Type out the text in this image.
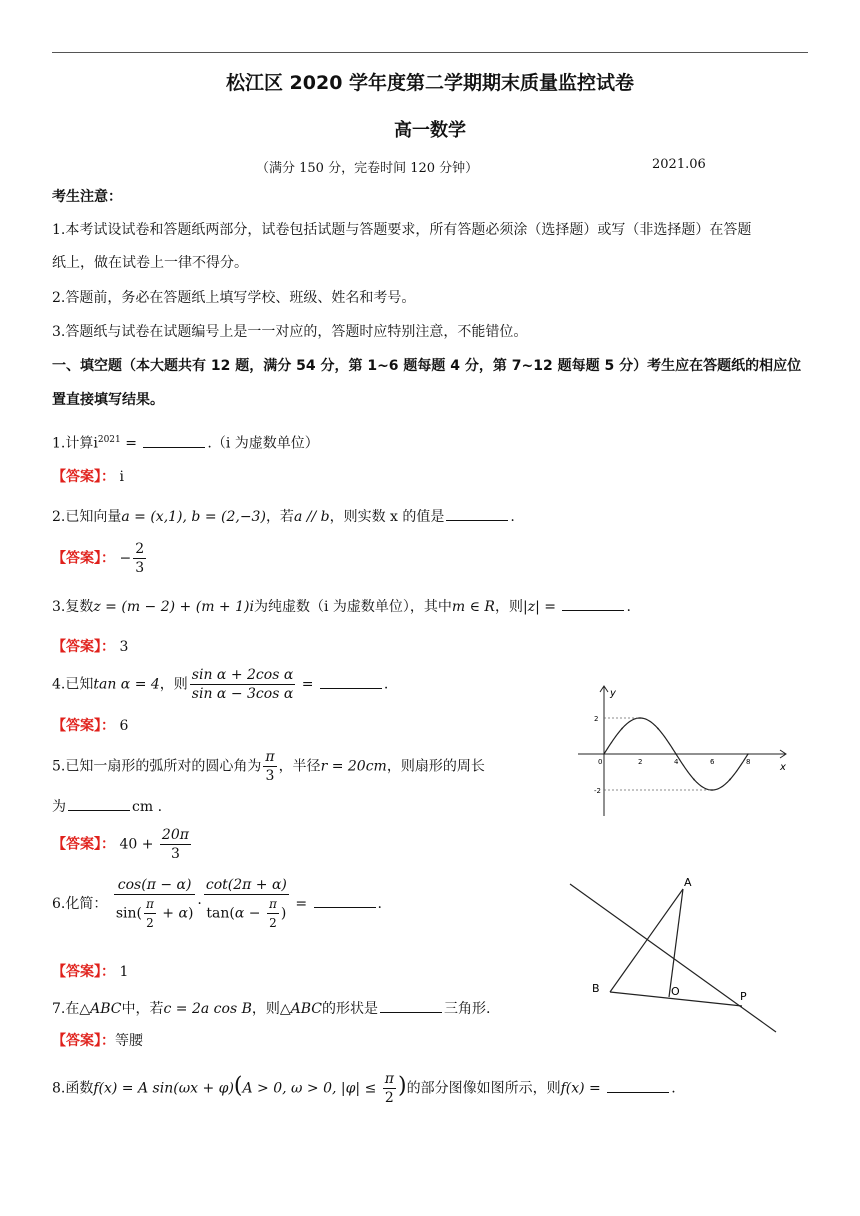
松江区 2020 学年度第二学期期末质量监控试卷
高一数学
（满分 150 分，完卷时间 120 分钟）	2021.06
考生注意：
1.本考试设试卷和答题纸两部分，试卷包括试题与答题要求，所有答题必须涂（选择题）或写（非选择题）在答题
纸上，做在试卷上一律不得分。
2.答题前，务必在答题纸上填写学校、班级、姓名和考号。
3.答题纸与试卷在试题编号上是一一对应的，答题时应特别注意，不能错位。
一、填空题（本大题共有 12 题，满分 54 分，第 1~6 题每题 4 分，第 7~12 题每题 5 分）考生应在答题纸的相应位
置直接填写结果。
1.计算$i^{2021}$ =	.（i 为虚数单位）
【答案】： i
2.已知向量a = (x,1), b = (2,−3)，若a // b，则实数 x 的值是	.
【答案】： − $\frac{2}{3}$
3.复数z = (m − 2) + (m + 1)i为纯虚数（i 为虚数单位），其中m ∈ R，则|z| =	.
【答案】： 3
4.已知tan α = 4，则 $\frac{\text{sin α + 2cos α}}{\text{sin α − 3cos α}}$ =	.
【答案】： 6
5.已知一扇形的弧所对的圆心角为 $\frac{\pi}{3}$ ，半径r = 20cm，则扇形的周长
为	cm .
【答案】： $40 + \frac{20\pi}{3}$
6.化简： $\frac{\cos(\pi - \alpha)}{\sin( \frac{\pi}{2} + \alpha)} \cdot \frac{\cot(2\pi + \alpha)}{\tan(\alpha - \frac{\pi}{2} )}$ =	.
【答案】： 1
7.在△ABC中，若c = 2a cos B，则△ABC的形状是	三角形.
【答案】：等腰
8.函数f(x) = A sin(ωx + φ)(A > 0, ω > 0, $|\varphi| \le \frac{\pi}{2}$ )的部分图像如图所示，则f(x) =	.
x
y
0	2	4	6	8
2
-2
A
B	O	P
